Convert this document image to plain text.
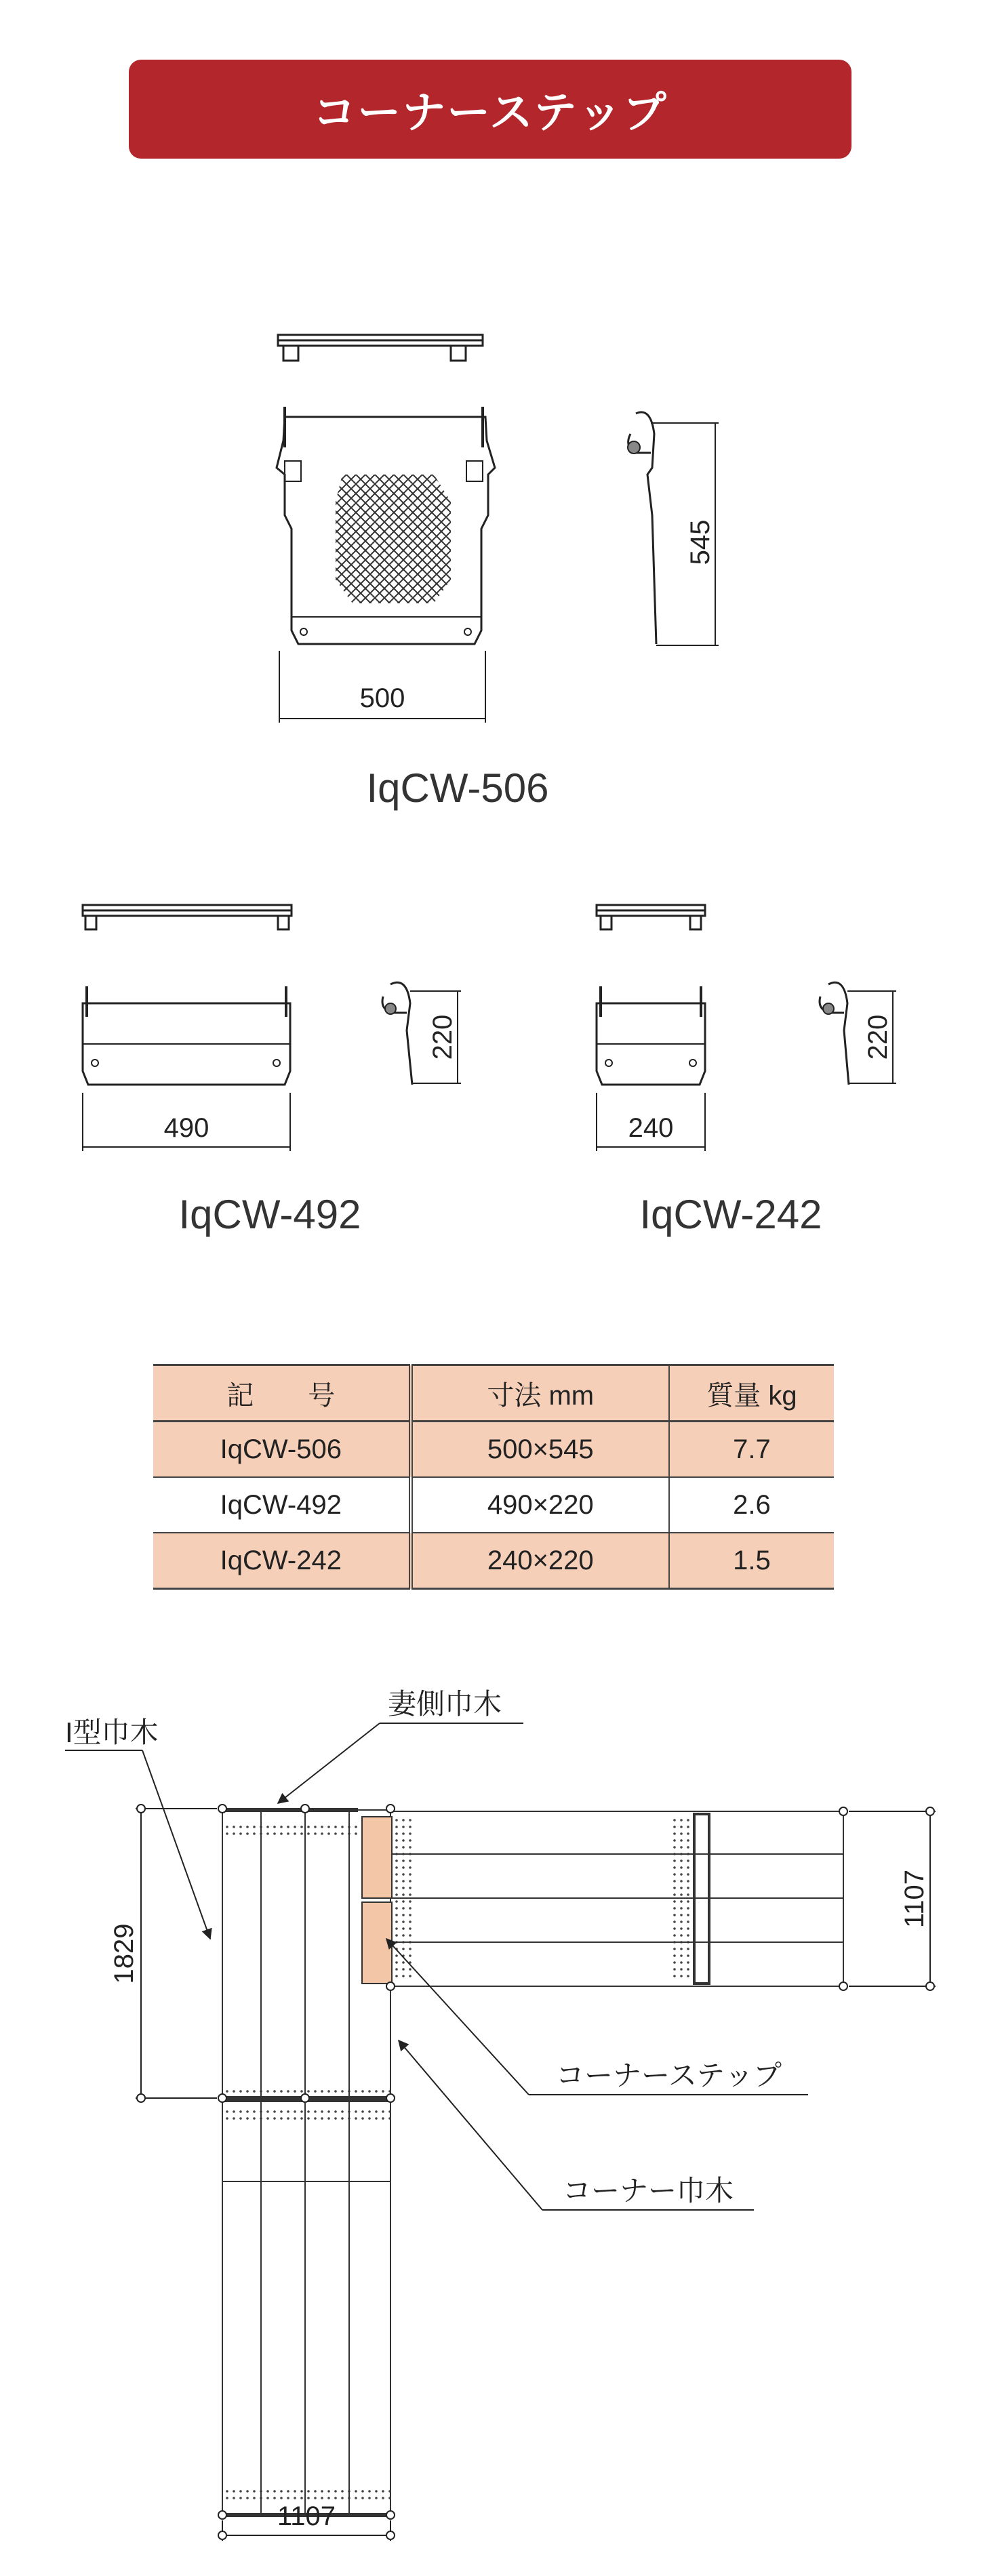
コーナーステップ
500
545
IqCW-506
490
220
IqCW-492
240
220
IqCW-242
記　　号	寸法 mm	質量 kg
IqCW-506	500×545	7.7
IqCW-492	490×220	2.6
IqCW-242	240×220	1.5
1829
1107
1107
I型巾木
妻側巾木
コーナーステップ
コーナー巾木
